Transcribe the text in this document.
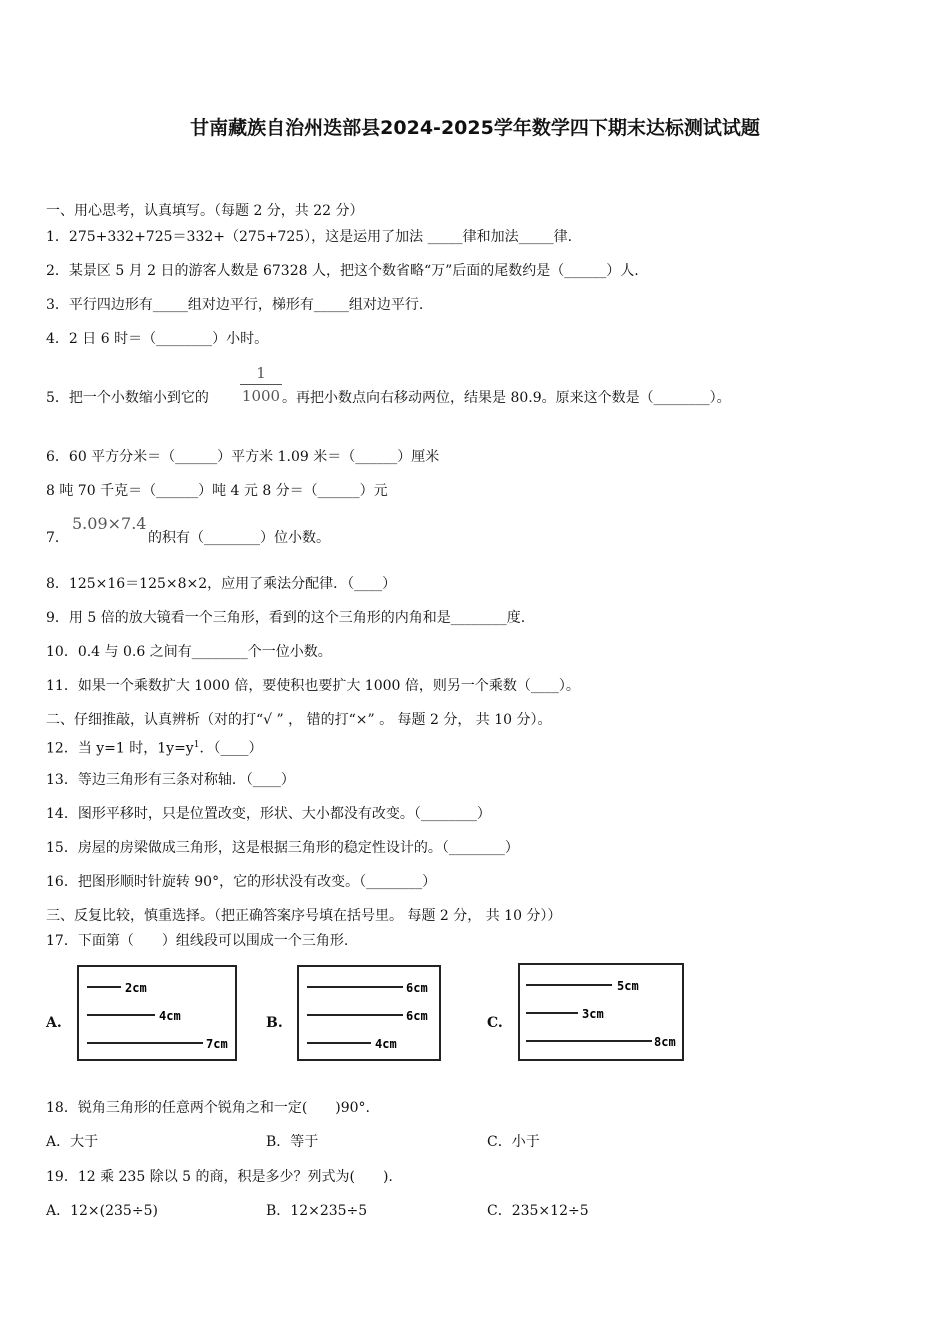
甘南藏族自治州迭部县2024-2025学年数学四下期末达标测试试题
一、用心思考，认真填写。（每题 2 分，共 22 分）
1．275+332+725＝332+（275+725），这是运用了加法 _____律和加法_____律.
2．某景区 5 月 2 日的游客人数是 67328 人，把这个数省略“万”后面的尾数约是（______）人.
3．平行四边形有_____组对边平行，梯形有_____组对边平行.
4．2 日 6 时＝（________）小时。
5．把一个小数缩小到它的 $\frac{1}{1000}$ 。再把小数点向右移动两位，结果是 80.9。原来这个数是（________）。
6．60 平方分米＝（______）平方米 1.09 米＝（______）厘米
8 吨 70 千克＝（______）吨 4 元 8 分＝（______）元
7．
5.09×7.4
的积有（________）位小数。
8．125×16＝125×8×2，应用了乘法分配律．（____）
9．用 5 倍的放大镜看一个三角形，看到的这个三角形的内角和是________度.
10．0.4 与 0.6 之间有________个一位小数。
11．如果一个乘数扩大 1000 倍，要使积也要扩大 1000 倍，则另一个乘数（____）。
二、仔细推敲，认真辨析（对的打“√ ” ， 错的打“×” 。 每题 2 分， 共 10 分）。
12．当 y=1 时，$1y=y^1$．（____）
13．等边三角形有三条对称轴．（____）
14．图形平移时，只是位置改变，形状、大小都没有改变。（________）
15．房屋的房梁做成三角形，这是根据三角形的稳定性设计的。（________）
16．把图形顺时针旋转 90°，它的形状没有改变。（________）
三、反复比较，慎重选择。（把正确答案序号填在括号里。 每题 2 分， 共 10 分））
17．下面第（　　）组线段可以围成一个三角形.
A.
2cm
4cm
7cm
B.
6cm
6cm
4cm
C.
5cm
3cm
8cm
18．锐角三角形的任意两个锐角之和一定(　　)90°.
A．大于	B．等于	C．小于
19．12 乘 235 除以 5 的商，积是多少？列式为(　　).
A．12×(235÷5)	B．12×235÷5	C．235×12÷5
